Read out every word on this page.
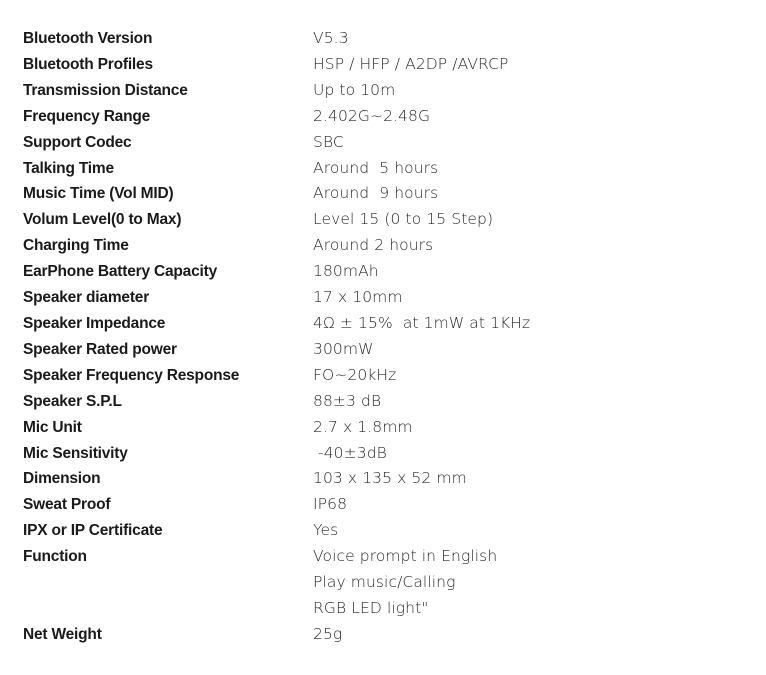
Bluetooth Version	V5.3
Bluetooth Profiles	HSP / HFP / A2DP /AVRCP
Transmission Distance	Up to 10m
Frequency Range	2.402G~2.48G
Support Codec	SBC
Talking Time	Around  5 hours
Music Time (Vol MID)	Around  9 hours
Volum Level(0 to Max)	Level 15 (0 to 15 Step)
Charging Time	Around 2 hours
EarPhone Battery Capacity	180mAh
Speaker diameter	17 x 10mm
Speaker Impedance	4Ω ± 15%  at 1mW at 1KHz
Speaker Rated power	300mW
Speaker Frequency Response	FO~20kHz
Speaker S.P.L	88±3 dB
Mic Unit	2.7 x 1.8mm
Mic Sensitivity	-40±3dB
Dimension	103 x 135 x 52 mm
Sweat Proof	IP68
IPX or IP Certificate	Yes
Function	Voice prompt in English
Play music/Calling
RGB LED light"
Net Weight	25g
